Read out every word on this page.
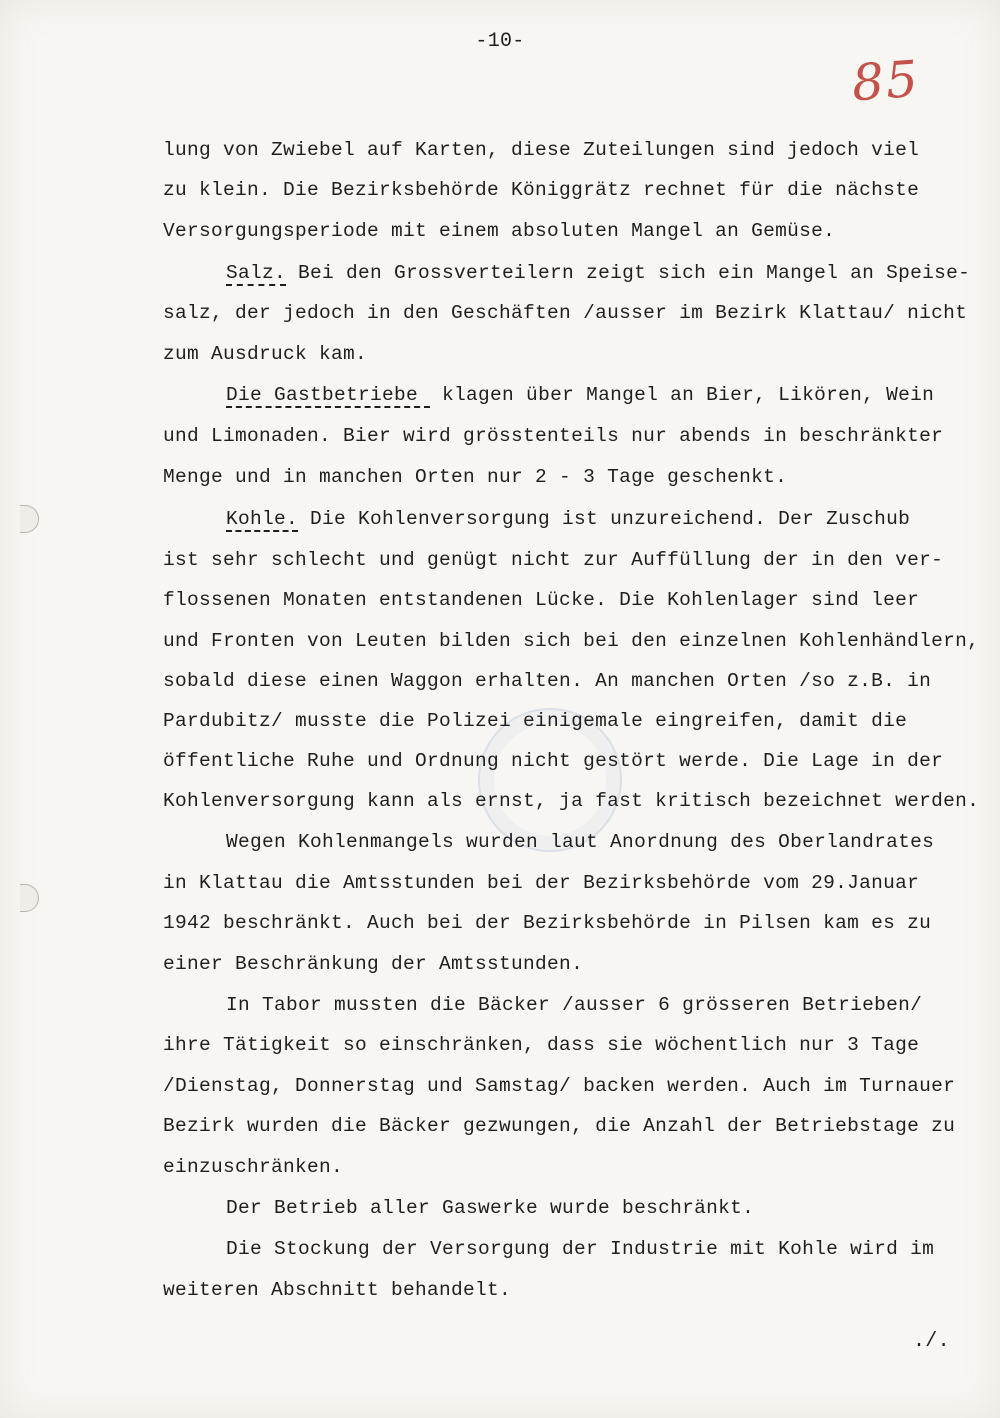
-10-
85
lung von Zwiebel auf Karten, diese Zuteilungen sind jedoch viel
zu klein. Die Bezirksbehörde Königgrätz rechnet für die nächste
Versorgungsperiode mit einem absoluten Mangel an Gemüse.
Salz. Bei den Grossverteilern zeigt sich ein Mangel an Speise-
salz, der jedoch in den Geschäften /ausser im Bezirk Klattau/ nicht
zum Ausdruck kam.
Die Gastbetriebe  klagen über Mangel an Bier, Likören, Wein
und Limonaden. Bier wird grösstenteils nur abends in beschränkter
Menge und in manchen Orten nur 2 - 3 Tage geschenkt.
Kohle. Die Kohlenversorgung ist unzureichend. Der Zuschub
ist sehr schlecht und genügt nicht zur Auffüllung der in den ver-
flossenen Monaten entstandenen Lücke. Die Kohlenlager sind leer
und Fronten von Leuten bilden sich bei den einzelnen Kohlenhändlern,
sobald diese einen Waggon erhalten. An manchen Orten /so z.B. in
Pardubitz/ musste die Polizei einigemale eingreifen, damit die
öffentliche Ruhe und Ordnung nicht gestört werde. Die Lage in der
Kohlenversorgung kann als ernst, ja fast kritisch bezeichnet werden.
Wegen Kohlenmangels wurden laut Anordnung des Oberlandrates
in Klattau die Amtsstunden bei der Bezirksbehörde vom 29.Januar
1942 beschränkt. Auch bei der Bezirksbehörde in Pilsen kam es zu
einer Beschränkung der Amtsstunden.
In Tabor mussten die Bäcker /ausser 6 grösseren Betrieben/
ihre Tätigkeit so einschränken, dass sie wöchentlich nur 3 Tage
/Dienstag, Donnerstag und Samstag/ backen werden. Auch im Turnauer
Bezirk wurden die Bäcker gezwungen, die Anzahl der Betriebstage zu
einzuschränken.
Der Betrieb aller Gaswerke wurde beschränkt.
Die Stockung der Versorgung der Industrie mit Kohle wird im
weiteren Abschnitt behandelt.
./.
